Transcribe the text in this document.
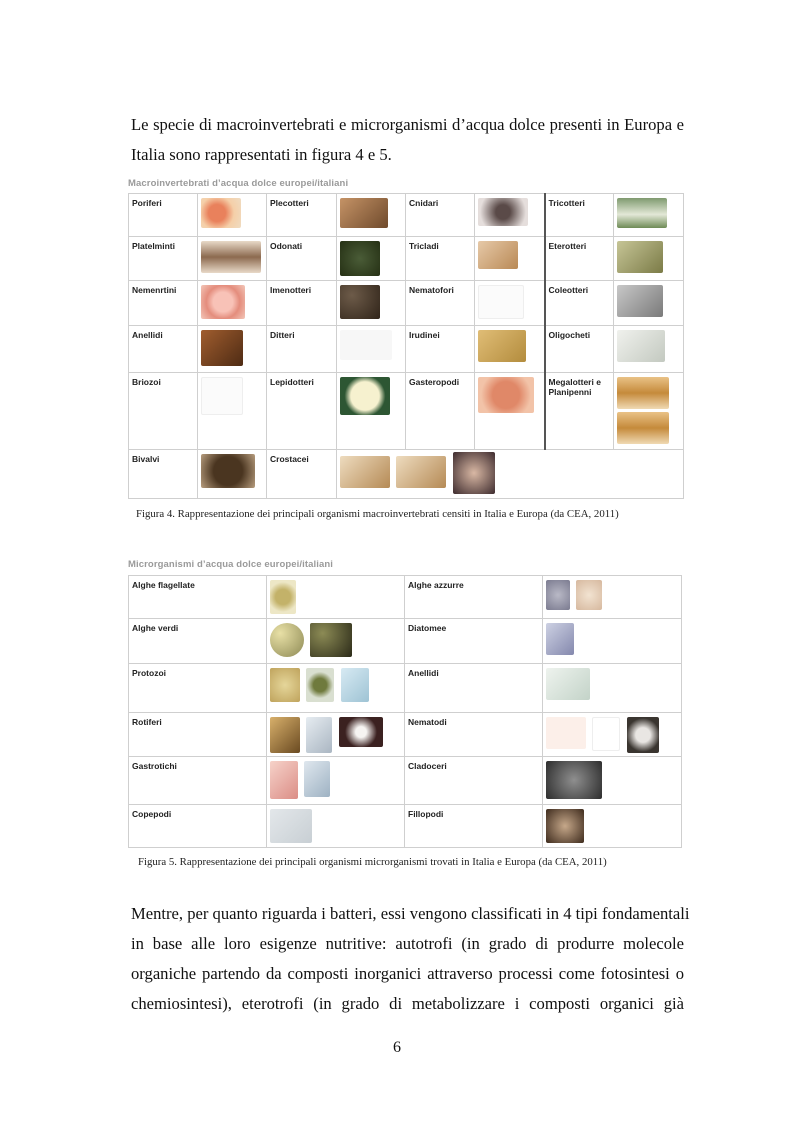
Le specie di macroinvertebrati e microrganismi d’acqua dolce presenti in Europa e
Italia sono rappresentati in figura 4 e 5.
Macroinvertebrati d’acqua dolce europei/italiani
Poriferi		Plecotteri		Cnidari		Tricotteri	
Platelminti		Odonati		Tricladi		Eterotteri	
Nemenrtini		Imenotteri		Nematofori		Coleotteri	
Anellidi		Ditteri		Irudinei		Oligocheti	
Briozoi		Lepidotteri		Gasteropodi		Megalotteri e Planipenni	

Bivalvi		Crostacei					
Figura 4. Rappresentazione dei principali organismi macroinvertebrati censiti in Italia e Europa (da CEA, 2011)
Microrganismi d’acqua dolce europei/italiani
Alghe flagellate		Alghe azzurre	
Alghe verdi		Diatomee	
Protozoi		Anellidi	
Rotiferi		Nematodi	
Gastrotichi		Cladoceri	
Copepodi		Fillopodi	
Figura 5. Rappresentazione dei principali organismi microrganismi trovati in Italia e Europa (da CEA, 2011)
Mentre, per quanto riguarda i batteri, essi vengono classificati in 4 tipi fondamentali
in base alle loro esigenze nutritive: autotrofi (in grado di produrre molecole
organiche partendo da composti inorganici attraverso processi come fotosintesi o
chemiosintesi), eterotrofi (in grado di metabolizzare i composti organici già
6
